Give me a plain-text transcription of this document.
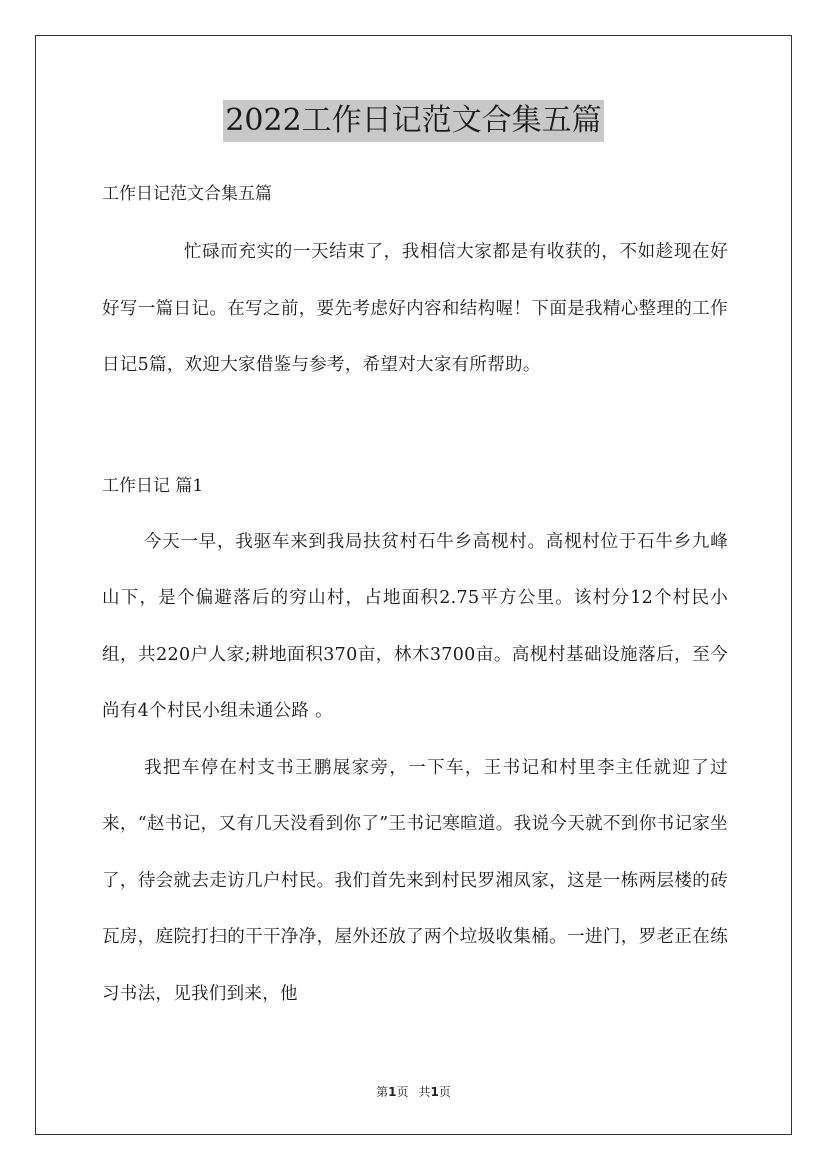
2022工作日记范文合集五篇

工作日记范文合集五篇

忙碌而充实的一天结束了，我相信大家都是有收获的，不如趁现在好好写一篇日记。在写之前，要先考虑好内容和结构喔！下面是我精心整理的工作日记5篇，欢迎大家借鉴与参考，希望对大家有所帮助。

工作日记 篇1

今天一早，我驱车来到我局扶贫村石牛乡高枧村。高枧村位于石牛乡九峰山下，是个偏避落后的穷山村，占地面积2.75平方公里。该村分12个村民小组，共220户人家;耕地面积370亩，林木3700亩。高枧村基础设施落后，至今尚有4个村民小组未通公路 。

我把车停在村支书王鹏展家旁，一下车，王书记和村里李主任就迎了过来，“赵书记，又有几天没看到你了”王书记寒暄道。我说今天就不到你书记家坐了，待会就去走访几户村民。我们首先来到村民罗湘凤家，这是一栋两层楼的砖瓦房，庭院打扫的干干净净，屋外还放了两个垃圾收集桶。一进门，罗老正在练习书法，见我们到来，他

第1页 共1页
